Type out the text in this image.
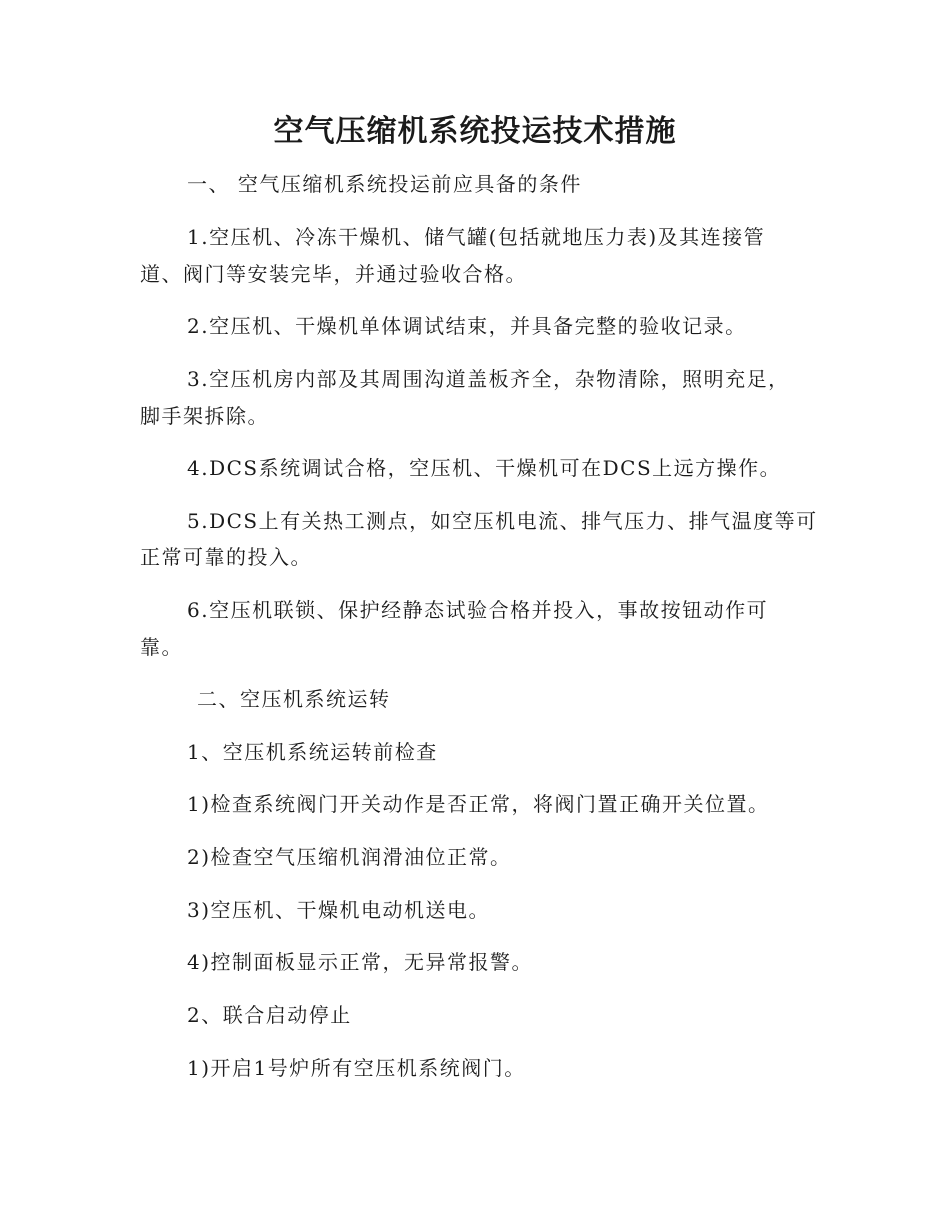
空气压缩机系统投运技术措施
一、 空气压缩机系统投运前应具备的条件
1.空压机、冷冻干燥机、储气罐(包括就地压力表)及其连接管
道、阀门等安装完毕，并通过验收合格。
2.空压机、干燥机单体调试结束，并具备完整的验收记录。
3.空压机房内部及其周围沟道盖板齐全，杂物清除，照明充足，
脚手架拆除。
4.DCS系统调试合格，空压机、干燥机可在DCS上远方操作。
5.DCS上有关热工测点，如空压机电流、排气压力、排气温度等可
正常可靠的投入。
6.空压机联锁、保护经静态试验合格并投入，事故按钮动作可
靠。
二、空压机系统运转
1、空压机系统运转前检查
1)检查系统阀门开关动作是否正常，将阀门置正确开关位置。
2)检查空气压缩机润滑油位正常。
3)空压机、干燥机电动机送电。
4)控制面板显示正常，无异常报警。
2、联合启动停止
1)开启1号炉所有空压机系统阀门。
